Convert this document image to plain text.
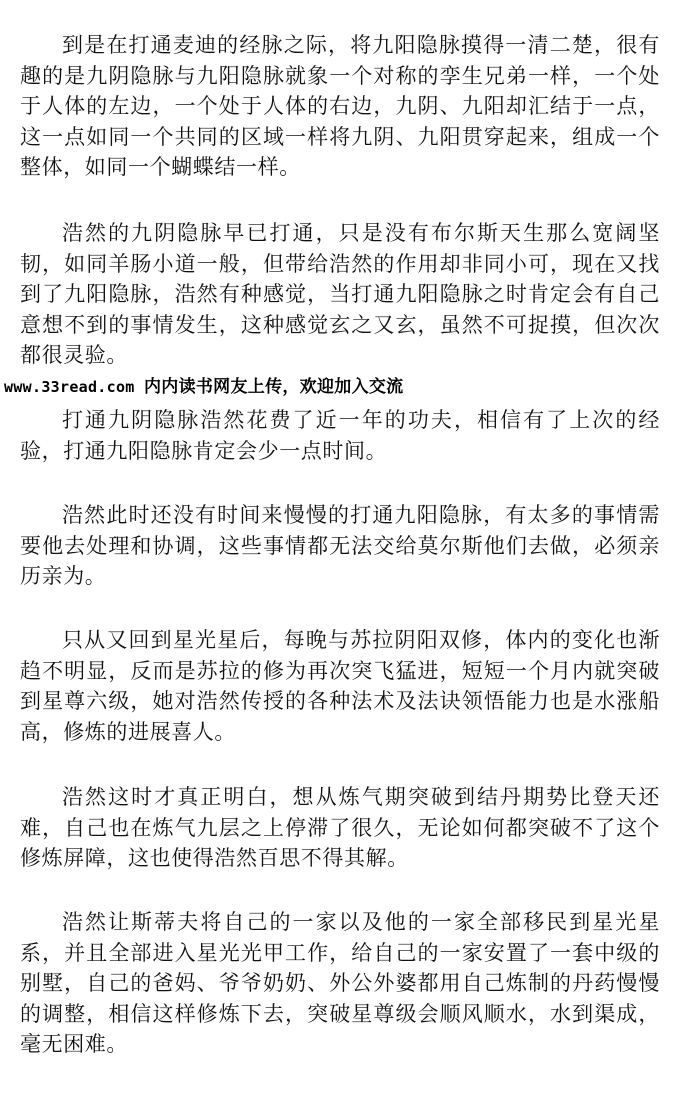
到是在打通麦迪的经脉之际，将九阳隐脉摸得一清二楚，很有趣的是九阴隐脉与九阳隐脉就象一个对称的孪生兄弟一样，一个处于人体的左边，一个处于人体的右边，九阴、九阳却汇结于一点，这一点如同一个共同的区域一样将九阴、九阳贯穿起来，组成一个整体，如同一个蝴蝶结一样。

浩然的九阴隐脉早已打通，只是没有布尔斯天生那么宽阔坚韧，如同羊肠小道一般，但带给浩然的作用却非同小可，现在又找到了九阳隐脉，浩然有种感觉，当打通九阳隐脉之时肯定会有自己意想不到的事情发生，这种感觉玄之又玄，虽然不可捉摸，但次次都很灵验。

www.33read.com 内内读书网友上传，欢迎加入交流

打通九阴隐脉浩然花费了近一年的功夫，相信有了上次的经验，打通九阳隐脉肯定会少一点时间。

浩然此时还没有时间来慢慢的打通九阳隐脉，有太多的事情需要他去处理和协调，这些事情都无法交给莫尔斯他们去做，必须亲历亲为。

只从又回到星光星后，每晚与苏拉阴阳双修，体内的变化也渐趋不明显，反而是苏拉的修为再次突飞猛进，短短一个月内就突破到星尊六级，她对浩然传授的各种法术及法诀领悟能力也是水涨船高，修炼的进展喜人。

浩然这时才真正明白，想从炼气期突破到结丹期势比登天还难，自己也在炼气九层之上停滞了很久，无论如何都突破不了这个修炼屏障，这也使得浩然百思不得其解。

浩然让斯蒂夫将自己的一家以及他的一家全部移民到星光星系，并且全部进入星光光甲工作，给自己的一家安置了一套中级的别墅，自己的爸妈、爷爷奶奶、外公外婆都用自己炼制的丹药慢慢的调整，相信这样修炼下去，突破星尊级会顺风顺水，水到渠成，毫无困难。
